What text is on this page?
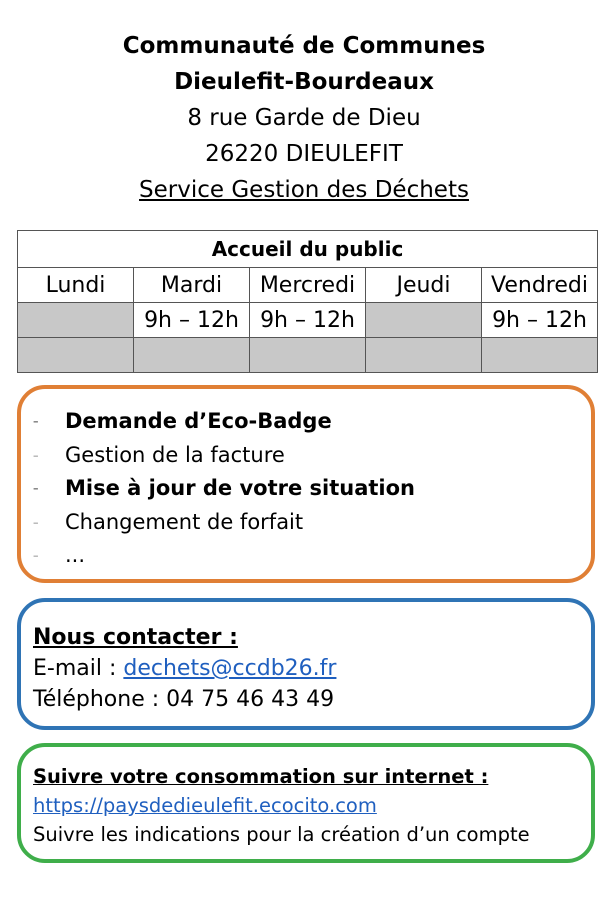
Communauté de Communes
Dieulefit-Bourdeaux
8 rue Garde de Dieu
26220 DIEULEFIT
Service Gestion des Déchets
Accueil du public				
Lundi	Mardi	Mercredi	Jeudi	Vendredi
	9h – 12h	9h – 12h		9h – 12h

– Demande d’Eco-Badge
– Gestion de la facture
– Mise à jour de votre situation
– Changement de forfait
– ...
Nous contacter :
E-mail : dechets@ccdb26.fr
Téléphone : 04 75 46 43 49
Suivre votre consommation sur internet :
https://paysdedieulefit.ecocito.com
Suivre les indications pour la création d’un compte
